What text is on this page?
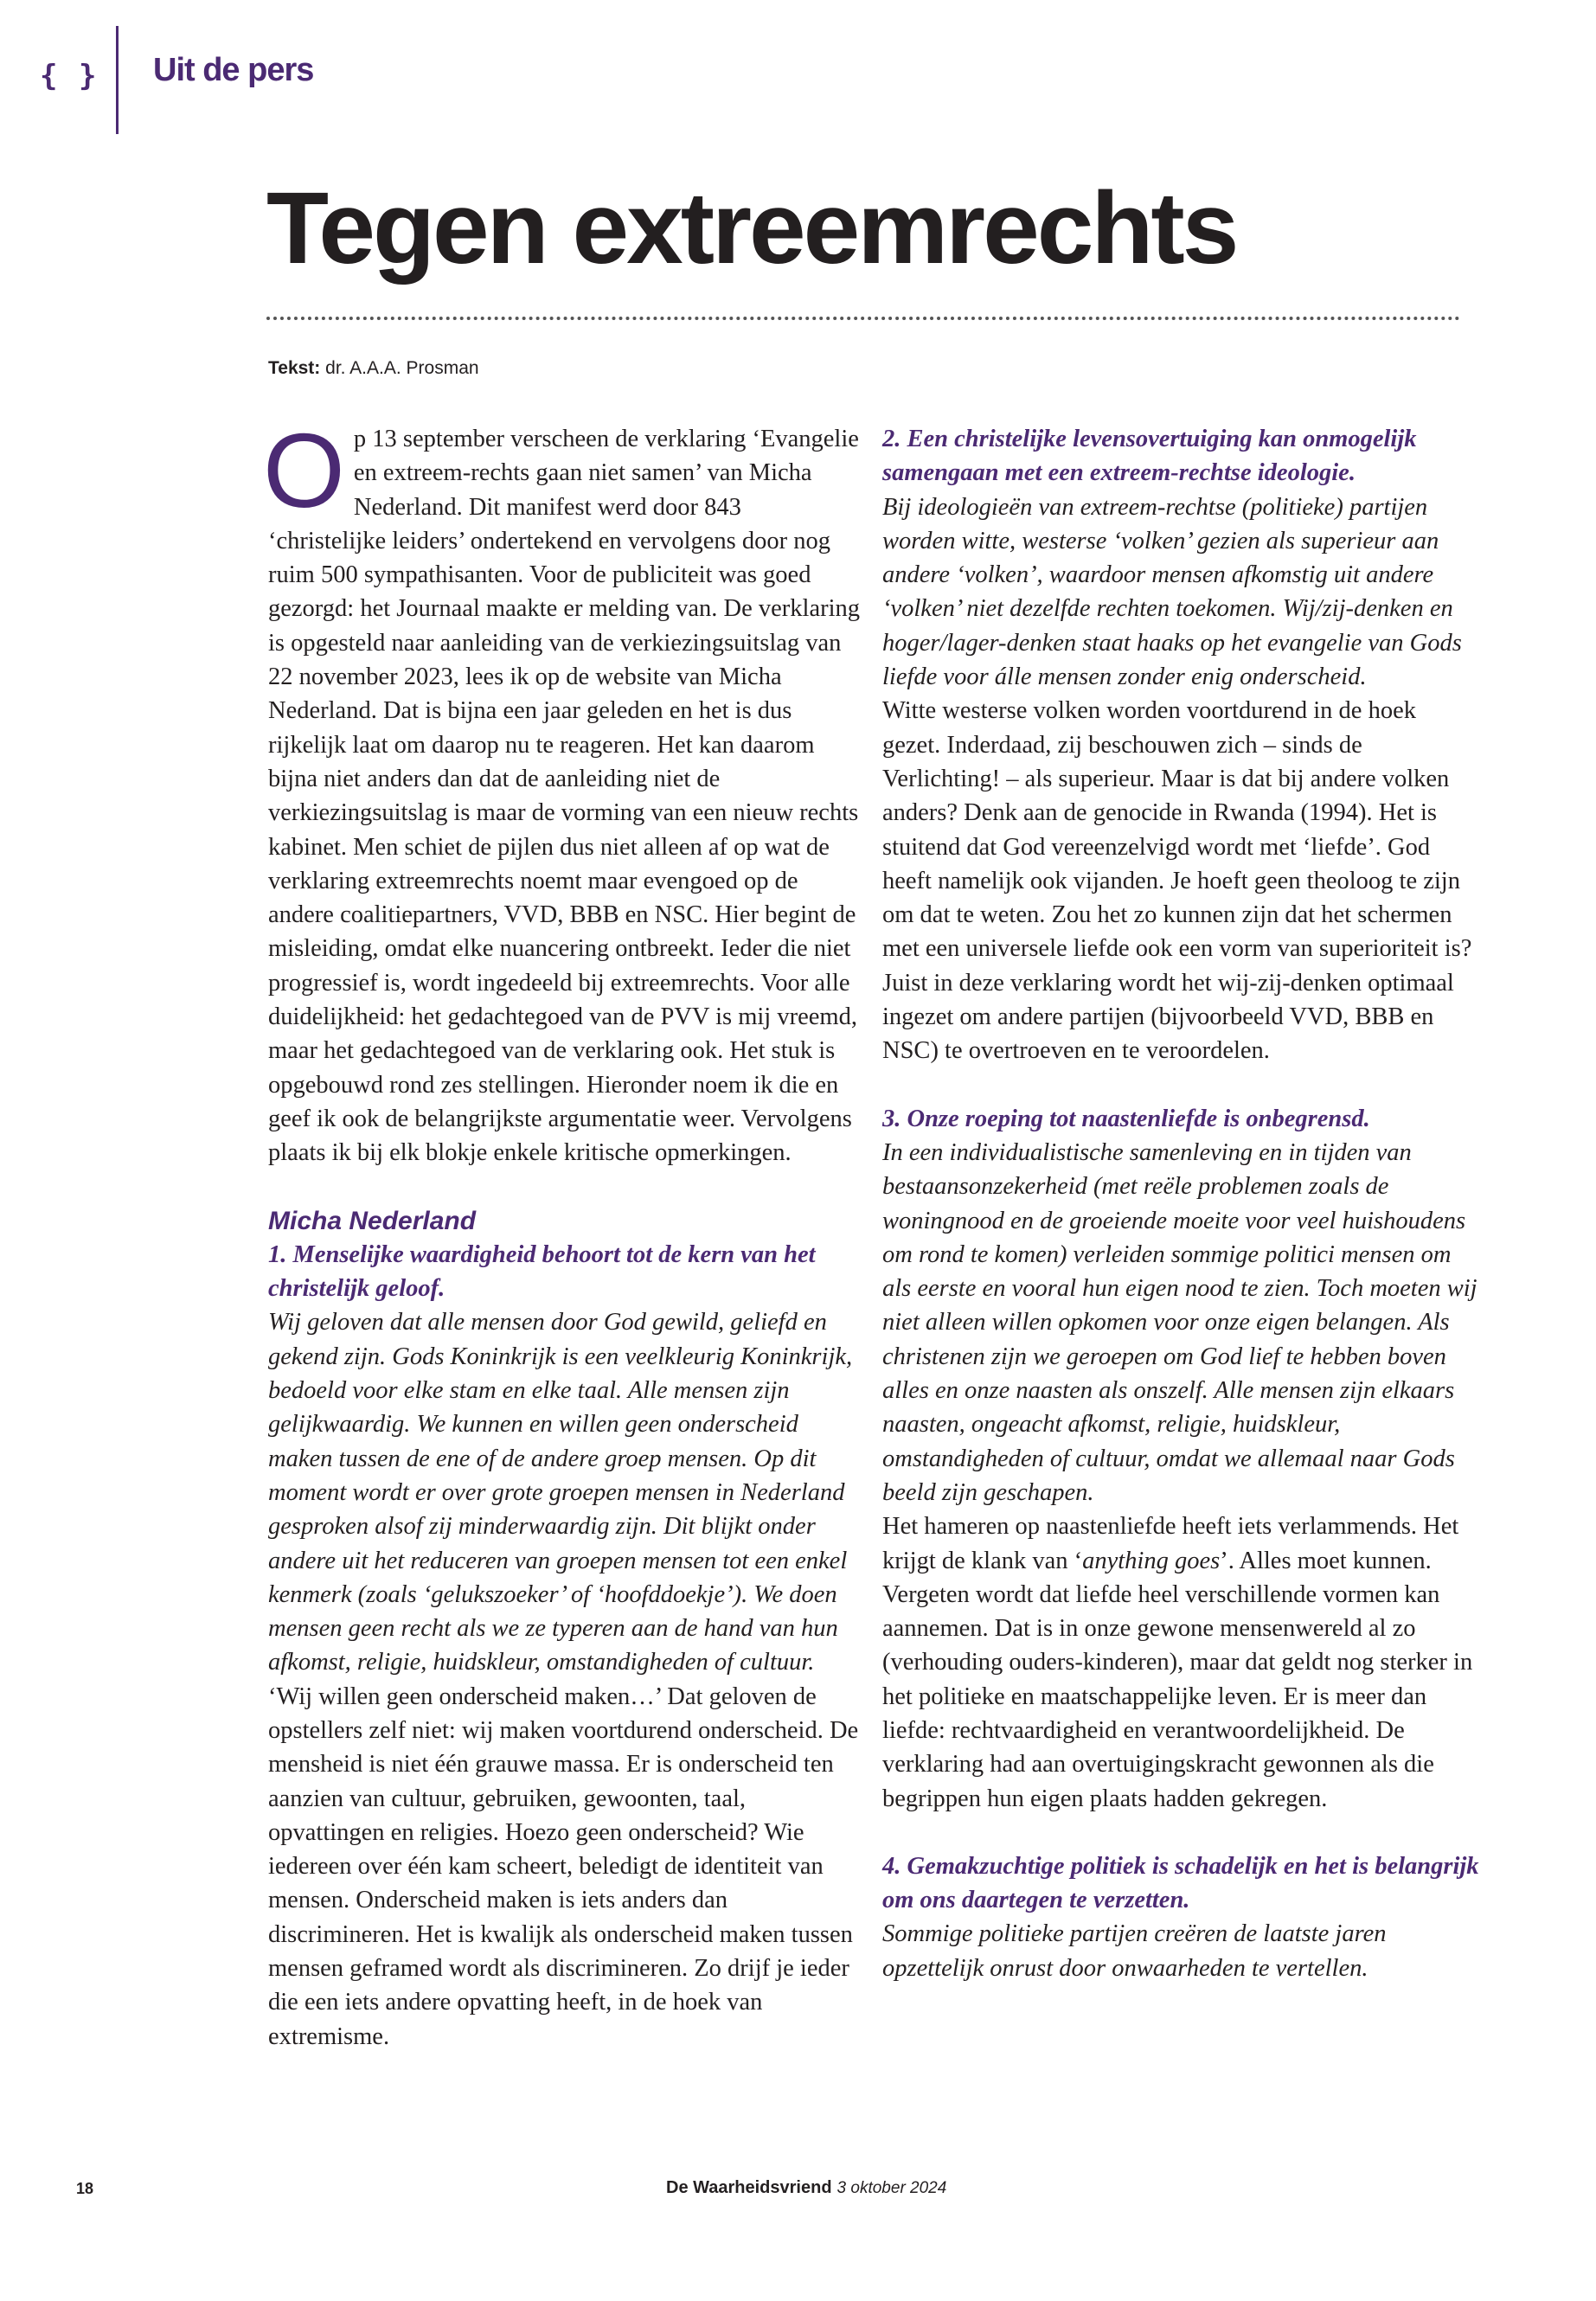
{ } Uit de pers
Tegen extreemrechts
Tekst: dr. A.A.A. Prosman

Op 13 september verscheen de verklaring ‘Evangelie en extreem-rechts gaan niet samen’ van Micha Nederland. Dit manifest werd door 843 ‘christelijke leiders’ ondertekend en vervolgens door nog ruim 500 sympathisanten. Voor de publiciteit was goed gezorgd: het Journaal maakte er melding van. De verklaring is opgesteld naar aanleiding van de verkiezingsuitslag van 22 november 2023, lees ik op de website van Micha Nederland. Dat is bijna een jaar geleden en het is dus rijkelijk laat om daarop nu te reageren. Het kan daarom bijna niet anders dan dat de aanleiding niet de verkiezingsuitslag is maar de vorming van een nieuw rechts kabinet. Men schiet de pijlen dus niet alleen af op wat de verklaring extreemrechts noemt maar evengoed op de andere coalitiepartners, VVD, BBB en NSC. Hier begint de misleiding, omdat elke nuancering ontbreekt. Ieder die niet progressief is, wordt ingedeeld bij extreemrechts. Voor alle duidelijkheid: het gedachtegoed van de PVV is mij vreemd, maar het gedachtegoed van de verklaring ook. Het stuk is opgebouwd rond zes stellingen. Hieronder noem ik die en geef ik ook de belangrijkste argumentatie weer. Vervolgens plaats ik bij elk blokje enkele kritische opmerkingen.

Micha Nederland

1. Menselijke waardigheid behoort tot de kern van het christelijk geloof.

Wij geloven dat alle mensen door God gewild, geliefd en gekend zijn. Gods Koninkrijk is een veelkleurig Koninkrijk, bedoeld voor elke stam en elke taal. Alle mensen zijn gelijkwaardig. We kunnen en willen geen onderscheid maken tussen de ene of de andere groep mensen. Op dit moment wordt er over grote groepen mensen in Nederland gesproken alsof zij minderwaardig zijn. Dit blijkt onder andere uit het reduceren van groepen mensen tot een enkel kenmerk (zoals ‘gelukszoeker’ of ‘hoofddoekje’). We doen mensen geen recht als we ze typeren aan de hand van hun afkomst, religie, huidskleur, omstandigheden of cultuur.

‘Wij willen geen onderscheid maken…’ Dat geloven de opstellers zelf niet: wij maken voortdurend onderscheid. De mensheid is niet één grauwe massa. Er is onderscheid ten aanzien van cultuur, gebruiken, gewoonten, taal, opvattingen en religies. Hoezo geen onderscheid? Wie iedereen over één kam scheert, beledigt de identiteit van mensen. Onderscheid maken is iets anders dan discrimineren. Het is kwalijk als onderscheid maken tussen mensen geframed wordt als discrimineren. Zo drijf je ieder die een iets andere opvatting heeft, in de hoek van extremisme.

2. Een christelijke levensovertuiging kan onmogelijk samengaan met een extreem-rechtse ideologie.

Bij ideologieën van extreem-rechtse (politieke) partijen worden witte, westerse ‘volken’ gezien als superieur aan andere ‘volken’, waardoor mensen afkomstig uit andere ‘volken’ niet dezelfde rechten toekomen. Wij/zij-denken en hoger/lager-denken staat haaks op het evangelie van Gods liefde voor álle mensen zonder enig onderscheid.

Witte westerse volken worden voortdurend in de hoek gezet. Inderdaad, zij beschouwen zich – sinds de Verlichting! – als superieur. Maar is dat bij andere volken anders? Denk aan de genocide in Rwanda (1994). Het is stuitend dat God vereenzelvigd wordt met ‘liefde’. God heeft namelijk ook vijanden. Je hoeft geen theoloog te zijn om dat te weten. Zou het zo kunnen zijn dat het schermen met een universele liefde ook een vorm van superioriteit is? Juist in deze verklaring wordt het wij-zij-denken optimaal ingezet om andere partijen (bijvoorbeeld VVD, BBB en NSC) te overtroeven en te veroordelen.

3. Onze roeping tot naastenliefde is onbegrensd.

In een individualistische samenleving en in tijden van bestaansonzekerheid (met reële problemen zoals de woningnood en de groeiende moeite voor veel huishoudens om rond te komen) verleiden sommige politici mensen om als eerste en vooral hun eigen nood te zien. Toch moeten wij niet alleen willen opkomen voor onze eigen belangen. Als christenen zijn we geroepen om God lief te hebben boven alles en onze naasten als onszelf. Alle mensen zijn elkaars naasten, ongeacht afkomst, religie, huidskleur, omstandigheden of cultuur, omdat we allemaal naar Gods beeld zijn geschapen.

Het hameren op naastenliefde heeft iets verlammends. Het krijgt de klank van ‘anything goes’. Alles moet kunnen. Vergeten wordt dat liefde heel verschillende vormen kan aannemen. Dat is in onze gewone mensenwereld al zo (verhouding ouders-kinderen), maar dat geldt nog sterker in het politieke en maatschappelijke leven. Er is meer dan liefde: rechtvaardigheid en verantwoordelijkheid. De verklaring had aan overtuigingskracht gewonnen als die begrippen hun eigen plaats hadden gekregen.

4. Gemakzuchtige politiek is schadelijk en het is belangrijk om ons daartegen te verzetten.

Sommige politieke partijen creëren de laatste jaren opzettelijk onrust door onwaarheden te vertellen.

18	De Waarheidsvriend 3 oktober 2024
